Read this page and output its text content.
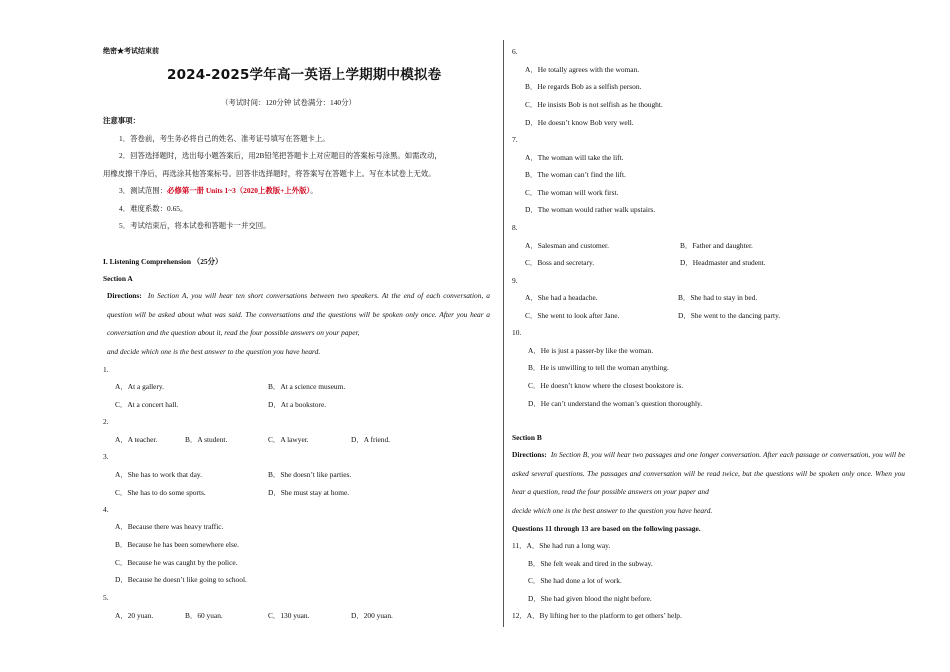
绝密★考试结束前
2024-2025学年高一英语上学期期中模拟卷
（考试时间：120分钟 试卷满分：140分）
注意事项：
1．答卷前，考生务必将自己的姓名、准考证号填写在答题卡上。
2．回答选择题时，选出每小题答案后，用2B铅笔把答题卡上对应题目的答案标号涂黑。如需改动，
用橡皮擦干净后，再选涂其他答案标号。回答非选择题时，将答案写在答题卡上。写在本试卷上无效。
3．测试范围：必修第一册 Units 1~3（2020上教版+上外版）。
4．难度系数：0.65。
5．考试结束后，将本试卷和答题卡一并交回。
I. Listening Comprehension （25分）
Section A
Directions: In Section A, you will hear ten short conversations between two speakers. At the end of each conversation, a question will be asked about what was said. The conversations and the questions will be spoken only once. After you hear a conversation and the question about it, read the four possible answers on your paper,
and decide which one is the best answer to the question you have heard.
1.
A．At a gallery.	B．At a science museum.
C．At a concert hall.	D．At a bookstore.
2.
A．A teacher.	B．A student.	C．A lawyer.	D．A friend.
3.
A．She has to work that day.	B．She doesn’t like parties.
C．She has to do some sports.	D．She must stay at home.
4.
A．Because there was heavy traffic.
B．Because he has been somewhere else.
C．Because he was caught by the police.
D．Because he doesn’t like going to school.
5.
A．20 yuan.	B．60 yuan.	C．130 yuan.	D．200 yuan.
6.
A．He totally agrees with the woman.
B．He regards Bob as a selfish person.
C．He insists Bob is not selfish as he thought.
D．He doesn’t know Bob very well.
7.
A．The woman will take the lift.
B．The woman can’t find the lift.
C．The woman will work first.
D．The woman would rather walk upstairs.
8.
A．Salesman and customer.	B．Father and daughter.
C．Boss and secretary.	D．Headmaster and student.
9.
A．She had a headache.	B．She had to stay in bed.
C．She went to look after Jane.	D．She went to the dancing party.
10.
A．He is just a passer-by like the woman.
B．He is unwilling to tell the woman anything.
C．He doesn’t know where the closest bookstore is.
D．He can’t understand the woman’s question thoroughly.
Section B
Directions: In Section B, you will hear two passages and one longer conversation. After each passage or conversation, you will be asked several questions. The passages and conversation will be read twice, but the questions will be spoken only once. When you hear a question, read the four possible answers on your paper and
decide which one is the best answer to the question you have heard.
Questions 11 through 13 are based on the following passage.
11．A．She had run a long way.
B．She felt weak and tired in the subway.
C．She had done a lot of work.
D．She had given blood the night before.
12．A．By lifting her to the platform to get others’ help.
